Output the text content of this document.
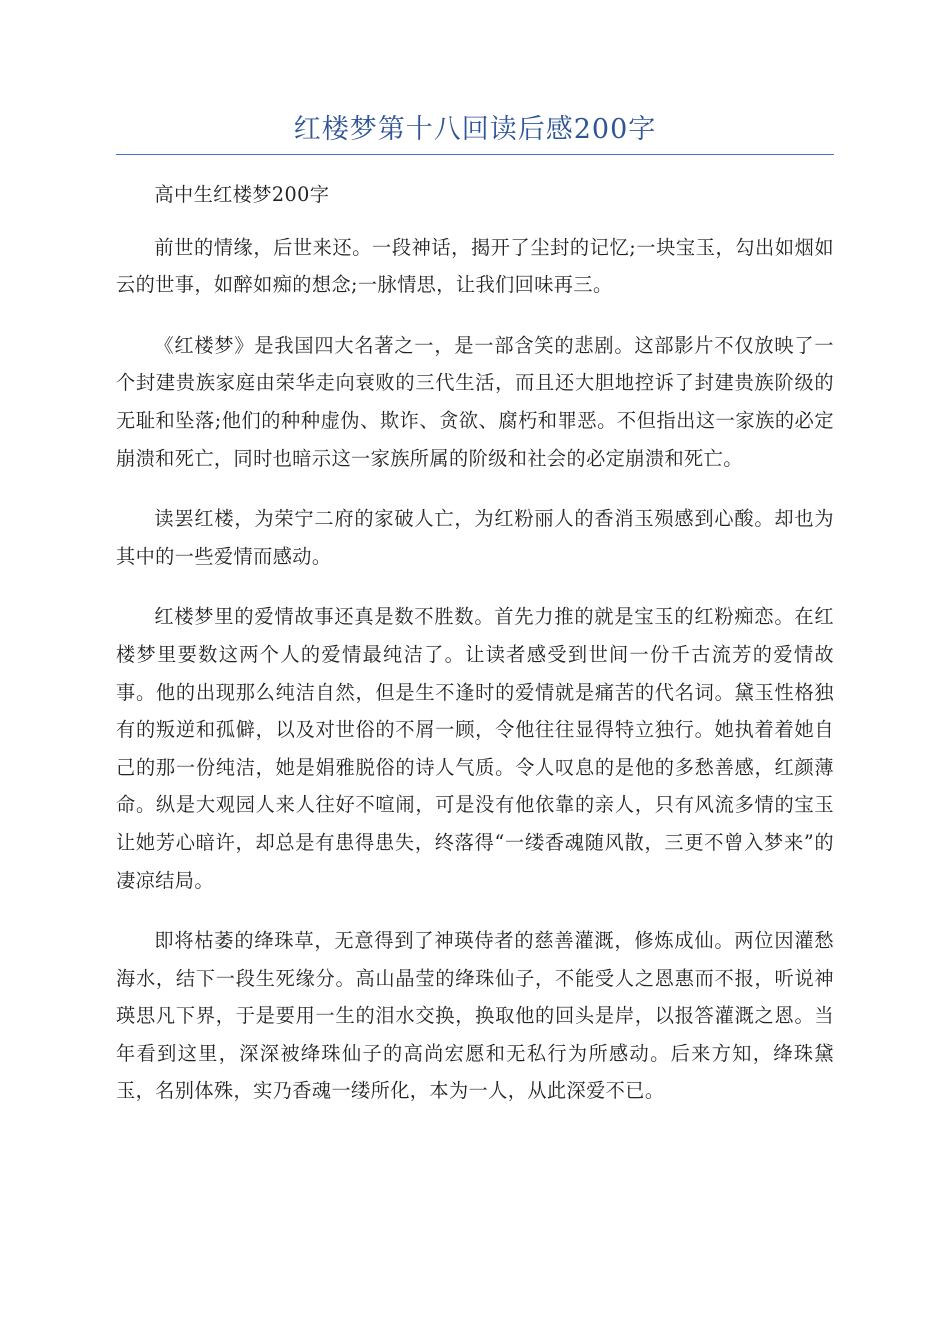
红楼梦第十八回读后感200字

高中生红楼梦200字

前世的情缘，后世来还。一段神话，揭开了尘封的记忆;一块宝玉，勾出如烟如云的世事，如醉如痴的想念;一脉情思，让我们回味再三。

《红楼梦》是我国四大名著之一，是一部含笑的悲剧。这部影片不仅放映了一个封建贵族家庭由荣华走向衰败的三代生活，而且还大胆地控诉了封建贵族阶级的无耻和坠落;他们的种种虚伪、欺诈、贪欲、腐朽和罪恶。不但指出这一家族的必定崩溃和死亡，同时也暗示这一家族所属的阶级和社会的必定崩溃和死亡。

读罢红楼，为荣宁二府的家破人亡，为红粉丽人的香消玉殒感到心酸。却也为其中的一些爱情而感动。

红楼梦里的爱情故事还真是数不胜数。首先力推的就是宝玉的红粉痴恋。在红楼梦里要数这两个人的爱情最纯洁了。让读者感受到世间一份千古流芳的爱情故事。他的出现那么纯洁自然，但是生不逢时的爱情就是痛苦的代名词。黛玉性格独有的叛逆和孤僻，以及对世俗的不屑一顾，令他往往显得特立独行。她执着着她自己的那一份纯洁，她是娟雅脱俗的诗人气质。令人叹息的是他的多愁善感，红颜薄命。纵是大观园人来人往好不喧闹，可是没有他依靠的亲人，只有风流多情的宝玉让她芳心暗许，却总是有患得患失，终落得“一缕香魂随风散，三更不曾入梦来”的凄凉结局。

即将枯萎的绛珠草，无意得到了神瑛侍者的慈善灌溉，修炼成仙。两位因灌愁海水，结下一段生死缘分。高山晶莹的绛珠仙子，不能受人之恩惠而不报，听说神瑛思凡下界，于是要用一生的泪水交换，换取他的回头是岸，以报答灌溉之恩。当年看到这里，深深被绛珠仙子的高尚宏愿和无私行为所感动。后来方知，绛珠黛玉，名别体殊，实乃香魂一缕所化，本为一人，从此深爱不已。
